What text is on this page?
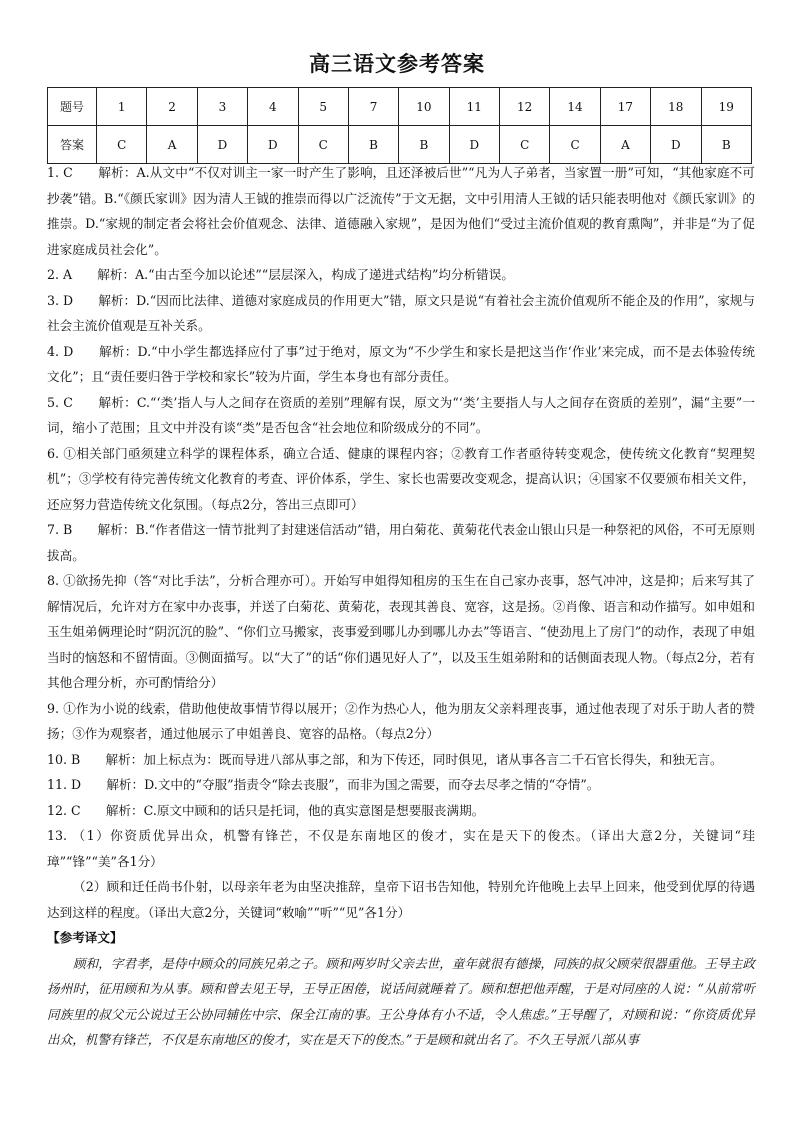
高三语文参考答案
题号	1	2	3	4	5	7	10	11	12	14	17	18	19
答案	C	A	D	D	C	B	B	D	C	C	A	D	B

1. C　　解析：A.从文中“不仅对训主一家一时产生了影响，且还泽被后世”“凡为人子弟者，当家置一册”可知，“其他家庭不可抄袭”错。B.“《颜氏家训》因为清人王钺的推崇而得以广泛流传”于文无据，文中引用清人王钺的话只能表明他对《颜氏家训》的推崇。D.“家规的制定者会将社会价值观念、法律、道德融入家规”，是因为他们“受过主流价值观的教育熏陶”，并非是“为了促进家庭成员社会化”。

2. A　　解析：A.“由古至今加以论述”“层层深入，构成了递进式结构”均分析错误。

3. D　　解析：D.“因而比法律、道德对家庭成员的作用更大”错，原文只是说“有着社会主流价值观所不能企及的作用”，家规与社会主流价值观是互补关系。

4. D　　解析：D.“中小学生都选择应付了事”过于绝对，原文为“不少学生和家长是把这当作‘作业’来完成，而不是去体验传统文化”；且“责任要归咎于学校和家长”较为片面，学生本身也有部分责任。

5. C　　解析：C.“‘类’指人与人之间存在资质的差别”理解有误，原文为“‘类’主要指人与人之间存在资质的差别”，漏“主要”一词，缩小了范围；且文中并没有谈“类”是否包含“社会地位和阶级成分的不同”。

6. ①相关部门亟须建立科学的课程体系，确立合适、健康的课程内容；②教育工作者亟待转变观念，使传统文化教育“契理契机”；③学校有待完善传统文化教育的考查、评价体系，学生、家长也需要改变观念，提高认识；④国家不仅要颁布相关文件，还应努力营造传统文化氛围。（每点2分，答出三点即可）

7. B　　解析：B.“作者借这一情节批判了封建迷信活动”错，用白菊花、黄菊花代表金山银山只是一种祭祀的风俗，不可无原则拔高。

8. ①欲扬先抑（答“对比手法”，分析合理亦可）。开始写申姐得知租房的玉生在自己家办丧事，怒气冲冲，这是抑；后来写其了解情况后，允许对方在家中办丧事，并送了白菊花、黄菊花，表现其善良、宽容，这是扬。②肖像、语言和动作描写。如申姐和玉生姐弟俩理论时“阴沉沉的脸”、“你们立马搬家，丧事爱到哪儿办到哪儿办去”等语言、“使劲甩上了房门”的动作，表现了申姐当时的恼怒和不留情面。③侧面描写。以“大了”的话“你们遇见好人了”，以及玉生姐弟附和的话侧面表现人物。（每点2分，若有其他合理分析，亦可酌情给分）

9. ①作为小说的线索，借助他使故事情节得以展开；②作为热心人，他为朋友父亲料理丧事，通过他表现了对乐于助人者的赞扬；③作为观察者，通过他展示了申姐善良、宽容的品格。（每点2分）

10. B　　解析：加上标点为：既而导进八部从事之部，和为下传还，同时俱见，诸从事各言二千石官长得失，和独无言。

11. D　　解析：D.文中的“夺服”指责令“除去丧服”，而非为国之需要，而夺去尽孝之情的“夺情”。

12. C　　解析：C.原文中顾和的话只是托词，他的真实意图是想要服丧满期。

13. （1）你资质优异出众，机警有锋芒，不仅是东南地区的俊才，实在是天下的俊杰。（译出大意2分，关键词“珪璋”“锋”“美”各1分）

（2）顾和迁任尚书仆射，以母亲年老为由坚决推辞，皇帝下诏书告知他，特别允许他晚上去早上回来，他受到优厚的待遇达到这样的程度。（译出大意2分，关键词“敕喻”“听”“见”各1分）

【参考译文】

顾和，字君孝，是侍中顾众的同族兄弟之子。顾和两岁时父亲去世，童年就很有德操，同族的叔父顾荣很器重他。王导主政扬州时，征用顾和为从事。顾和曾去见王导，王导正困倦，说话间就睡着了。顾和想把他弄醒，于是对同座的人说：“从前常听同族里的叔父元公说过王公协同辅佐中宗、保全江南的事。王公身体有小不适，令人焦虑。”王导醒了，对顾和说：“你资质优异出众，机警有锋芒，不仅是东南地区的俊才，实在是天下的俊杰。”于是顾和就出名了。不久王导派八部从事
